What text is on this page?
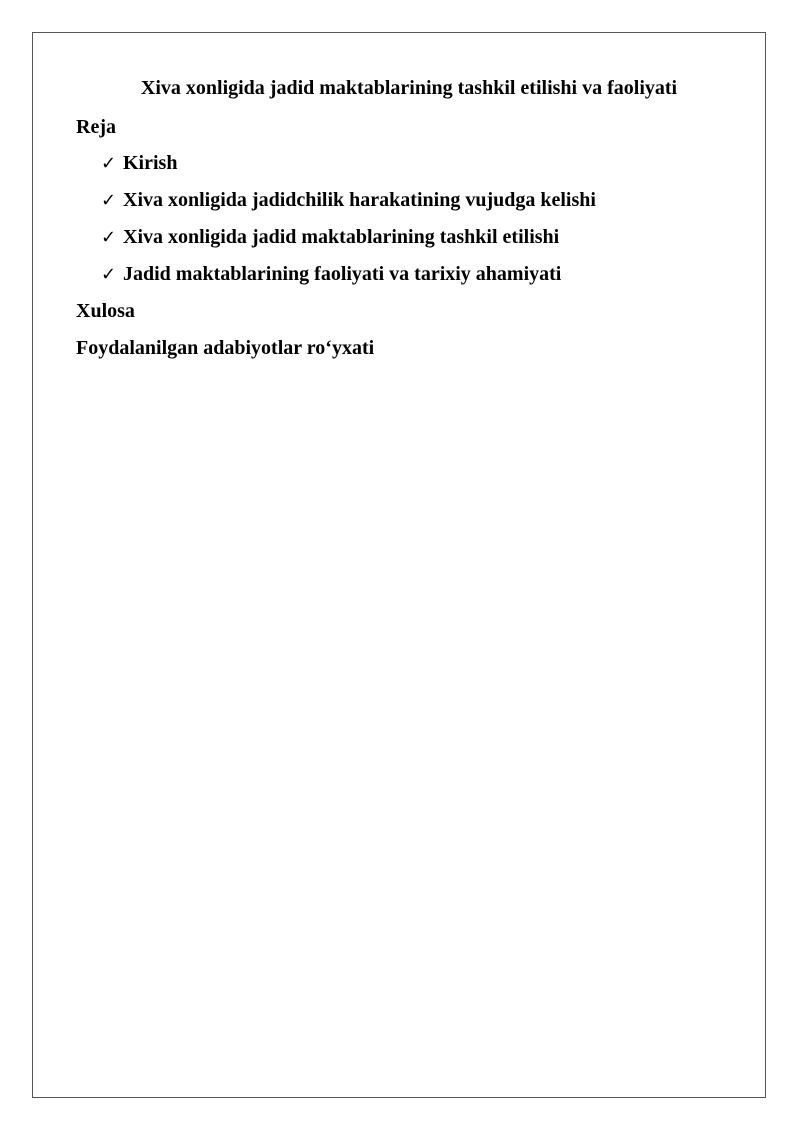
Xiva xonligida jadid maktablarining tashkil etilishi va faoliyati
Reja
✓ Kirish
✓ Xiva xonligida jadidchilik harakatining vujudga kelishi
✓ Xiva xonligida jadid maktablarining tashkil etilishi
✓ Jadid maktablarining faoliyati va tarixiy ahamiyati
Xulosa
Foydalanilgan adabiyotlar ro‘yxati
